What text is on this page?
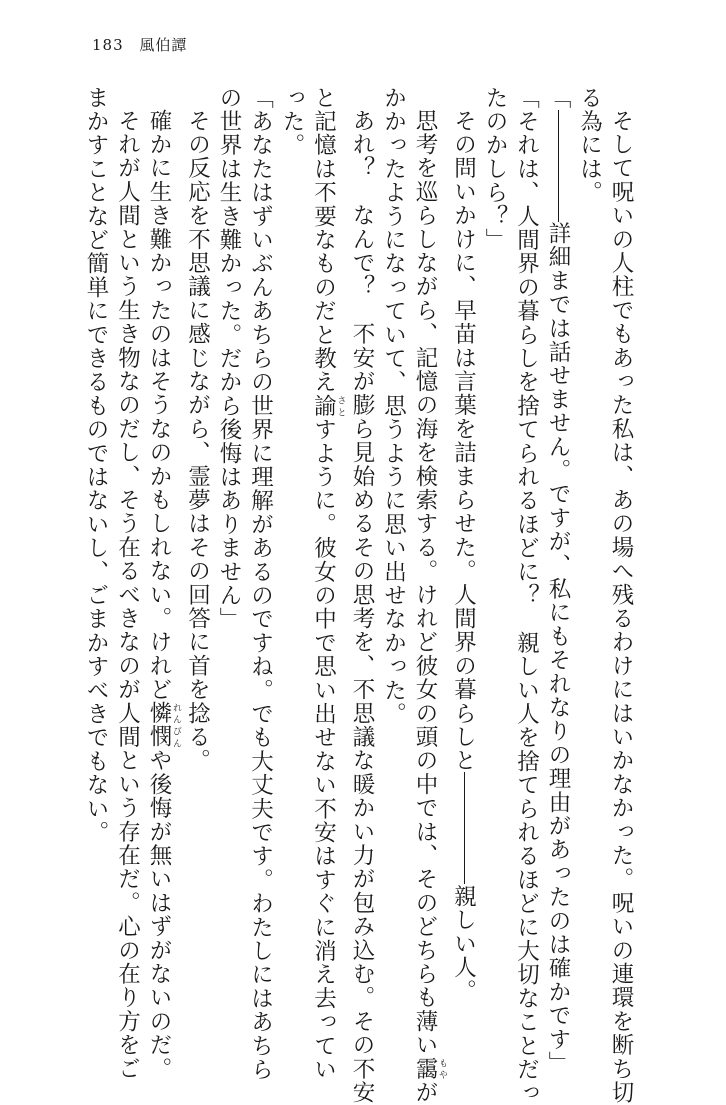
183 風伯譚
そして呪いの人柱でもあった私は、あの場へ残るわけにはいかなかった。呪いの連環を断ち切
る為には。
「詳細までは話せません。ですが、私にもそれなりの理由があったのは確かです」
「それは、人間界の暮らしを捨てられるほどに？　親しい人を捨てられるほどに大切なことだっ
たのかしら？」
その問いかけに、早苗は言葉を詰まらせた。人間界の暮らしと親しい人。
思考を巡らしながら、記憶の海を検索する。けれど彼女の頭の中では、そのどちらも薄い靄 もやが
かかったようになっていて、思うように思い出せなかった。
あれ？　なんで？　不安が膨ら見始めるその思考を、不思議な暖かい力が包み込む。その不安
と記憶は不要なものだと教え諭 さとすように。彼女の中で思い出せない不安はすぐに消え去ってい
った。
「あなたはずいぶんあちらの世界に理解があるのですね。でも大丈夫です。わたしにはあちら
の世界は生き難かった。だから後悔はありません」
その反応を不思議に感じながら、霊夢はその回答に首を捻る。
確かに生き難かったのはそうなのかもしれない。けれど憐憫 れんびんや後悔が無いはずがないのだ。
それが人間という生き物なのだし、そう在るべきなのが人間という存在だ。心の在り方をご
まかすことなど簡単にできるものではないし、ごまかすべきでもない。
